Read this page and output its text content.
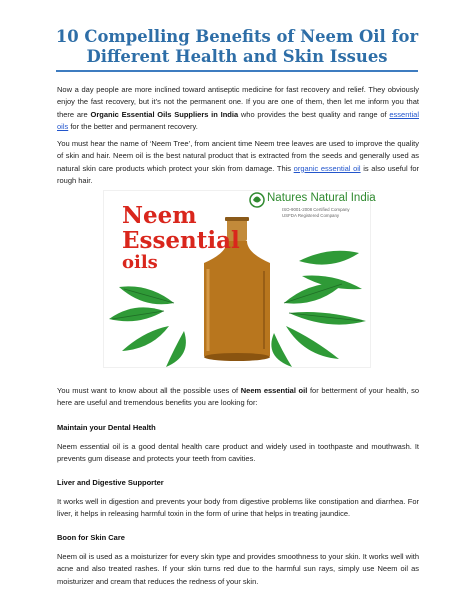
10 Compelling Benefits of Neem Oil for Different Health and Skin Issues

Now a day people are more inclined toward antiseptic medicine for fast recovery and relief. They obviously enjoy the fast recovery, but it’s not the permanent one. If you are one of them, then let me inform you that there are Organic Essential Oils Suppliers in India who provides the best quality and range of essential oils for the better and permanent recovery.

You must hear the name of ‘Neem Tree’, from ancient time Neem tree leaves are used to improve the quality of skin and hair. Neem oil is the best natural product that is extracted from the seeds and generally used as natural skin care products which protect your skin from damage. This organic essential oil is also useful for rough hair.

Neem
Essential

oils
Natures Natural India
ISO-9001-2008 Certified Company
USFDA Registered Company

You must want to know about all the possible uses of Neem essential oil for betterment of your health, so here are useful and tremendous benefits you are looking for:

Maintain your Dental Health

Neem essential oil is a good dental health care product and widely used in toothpaste and mouthwash. It prevents gum disease and protects your teeth from cavities.

Liver and Digestive Supporter

It works well in digestion and prevents your body from digestive problems like constipation and diarrhea. For liver, it helps in releasing harmful toxin in the form of urine that helps in treating jaundice.

Boon for Skin Care

Neem oil is used as a moisturizer for every skin type and provides smoothness to your skin. It works well with acne and also treated rashes. If your skin turns red due to the harmful sun rays, simply use Neem oil as moisturizer and cream that reduces the redness of your skin.
